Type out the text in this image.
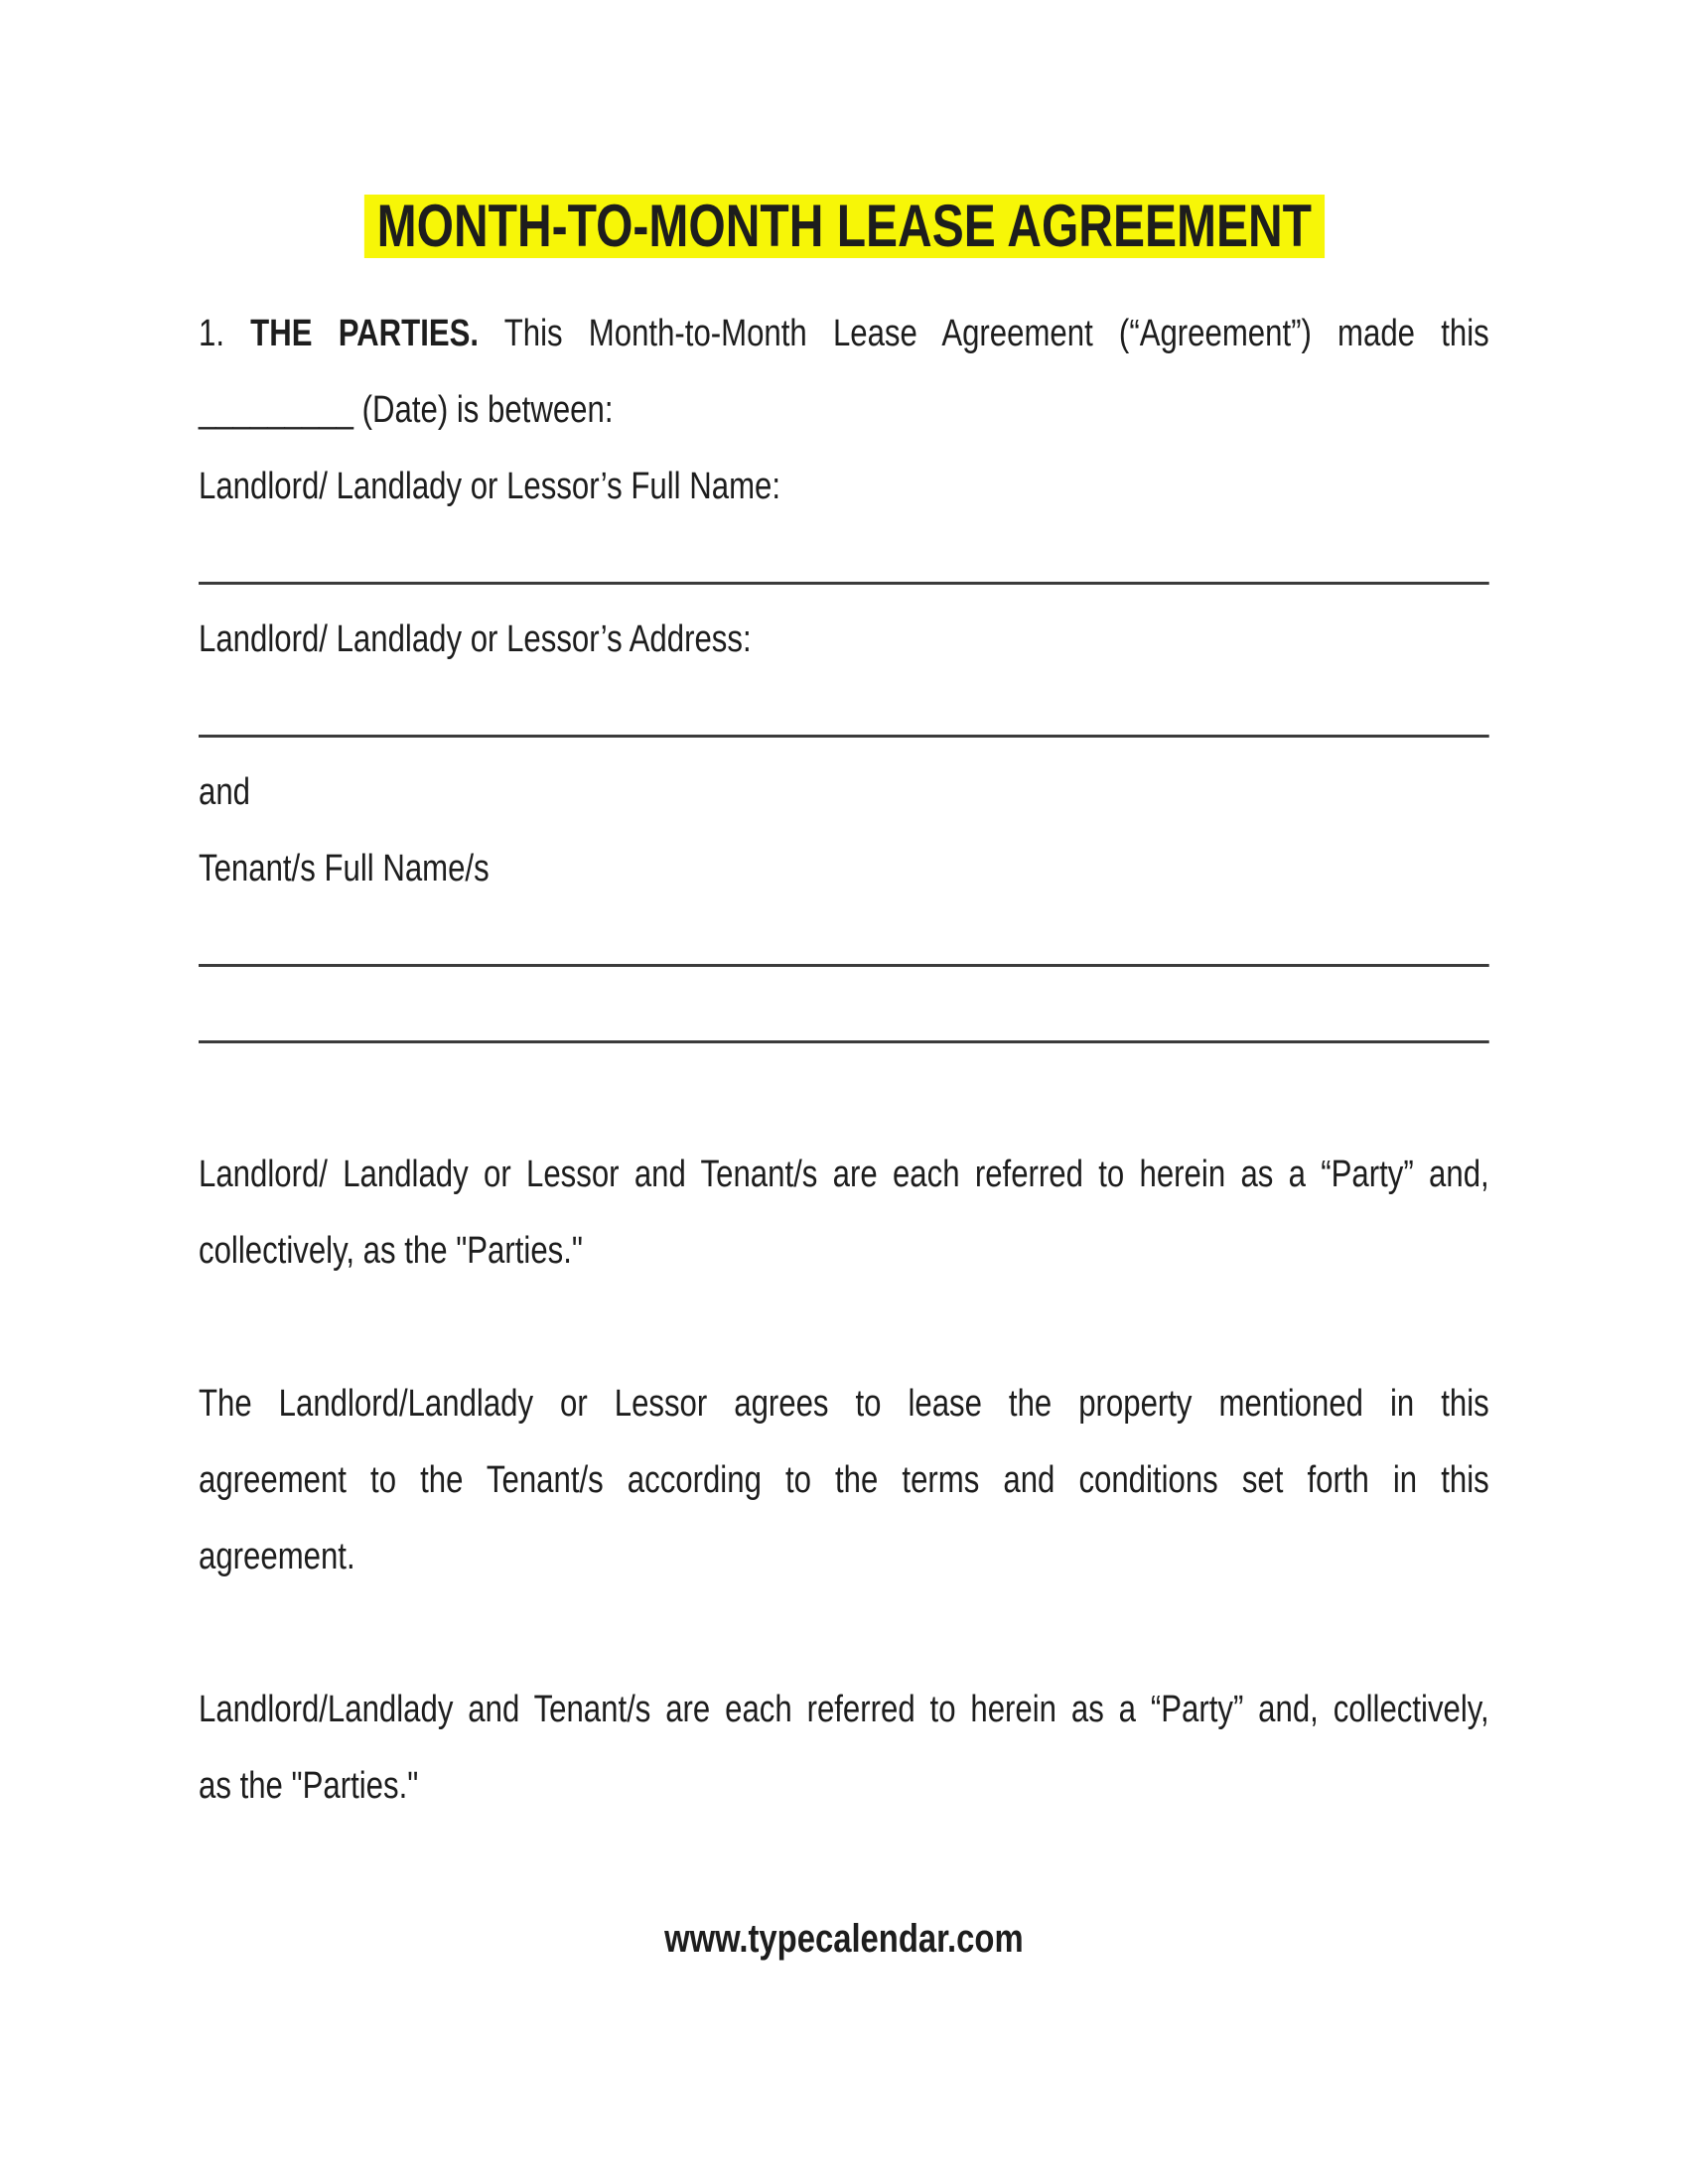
MONTH-TO-MONTH LEASE AGREEMENT
1. THE PARTIES. This Month-to-Month Lease Agreement (“Agreement”) made this
_________ (Date) is between:
Landlord/ Landlady or Lessor’s Full Name:
Landlord/ Landlady or Lessor’s Address:
and
Tenant/s Full Name/s
Landlord/ Landlady or Lessor and Tenant/s are each referred to herein as a “Party” and,
collectively, as the "Parties."
The Landlord/Landlady or Lessor agrees to lease the property mentioned in this
agreement to the Tenant/s according to the terms and conditions set forth in this
agreement.
Landlord/Landlady and Tenant/s are each referred to herein as a “Party” and, collectively,
as the "Parties."
www.typecalendar.com
